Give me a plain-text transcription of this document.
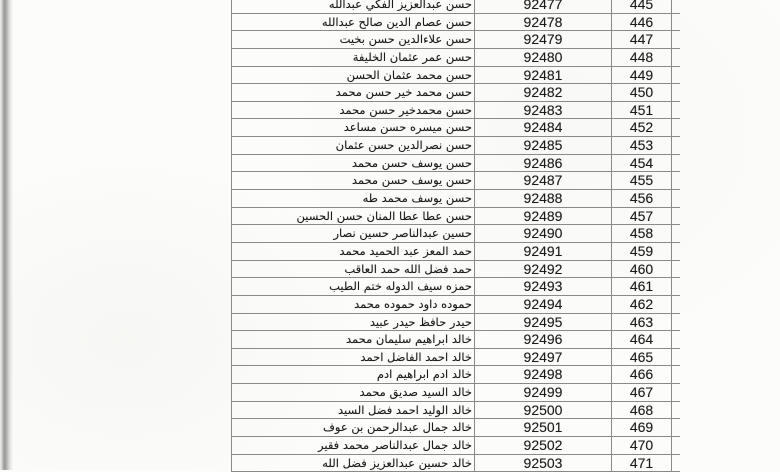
حسن عبدالعزيز الفكي عبدالله	92477	445
حسن عصام الدين صالح عبدالله	92478	446
حسن علاءالدين حسن بخيت	92479	447
حسن عمر عثمان الخليفة	92480	448
حسن محمد عثمان الحسن	92481	449
حسن محمد خير حسن محمد	92482	450
حسن محمدخير حسن محمد	92483	451
حسن ميسره حسن مساعد	92484	452
حسن نصرالدين حسن عثمان	92485	453
حسن يوسف حسن محمد	92486	454
حسن يوسف حسن محمد	92487	455
حسن يوسف محمد طه	92488	456
حسن عطا عطا المنان حسن الحسين	92489	457
حسين عبدالناصر حسين نصار	92490	458
حمد المعز عبد الحميد محمد	92491	459
حمد فضل الله حمد العاقب	92492	460
حمزه سيف الدوله ختم الطيب	92493	461
حموده داود حموده محمد	92494	462
حيدر حافظ حيدر عبيد	92495	463
خالد ابراهيم سليمان محمد	92496	464
خالد احمد الفاضل احمد	92497	465
خالد ادم ابراهيم ادم	92498	466
خالد السيد صديق محمد	92499	467
خالد الوليد احمد فضل السيد	92500	468
خالد جمال عبدالرحمن بن عوف	92501	469
خالد جمال عبدالناصر محمد فقير	92502	470
خالد حسين عبدالعزيز فضل الله	92503	471
